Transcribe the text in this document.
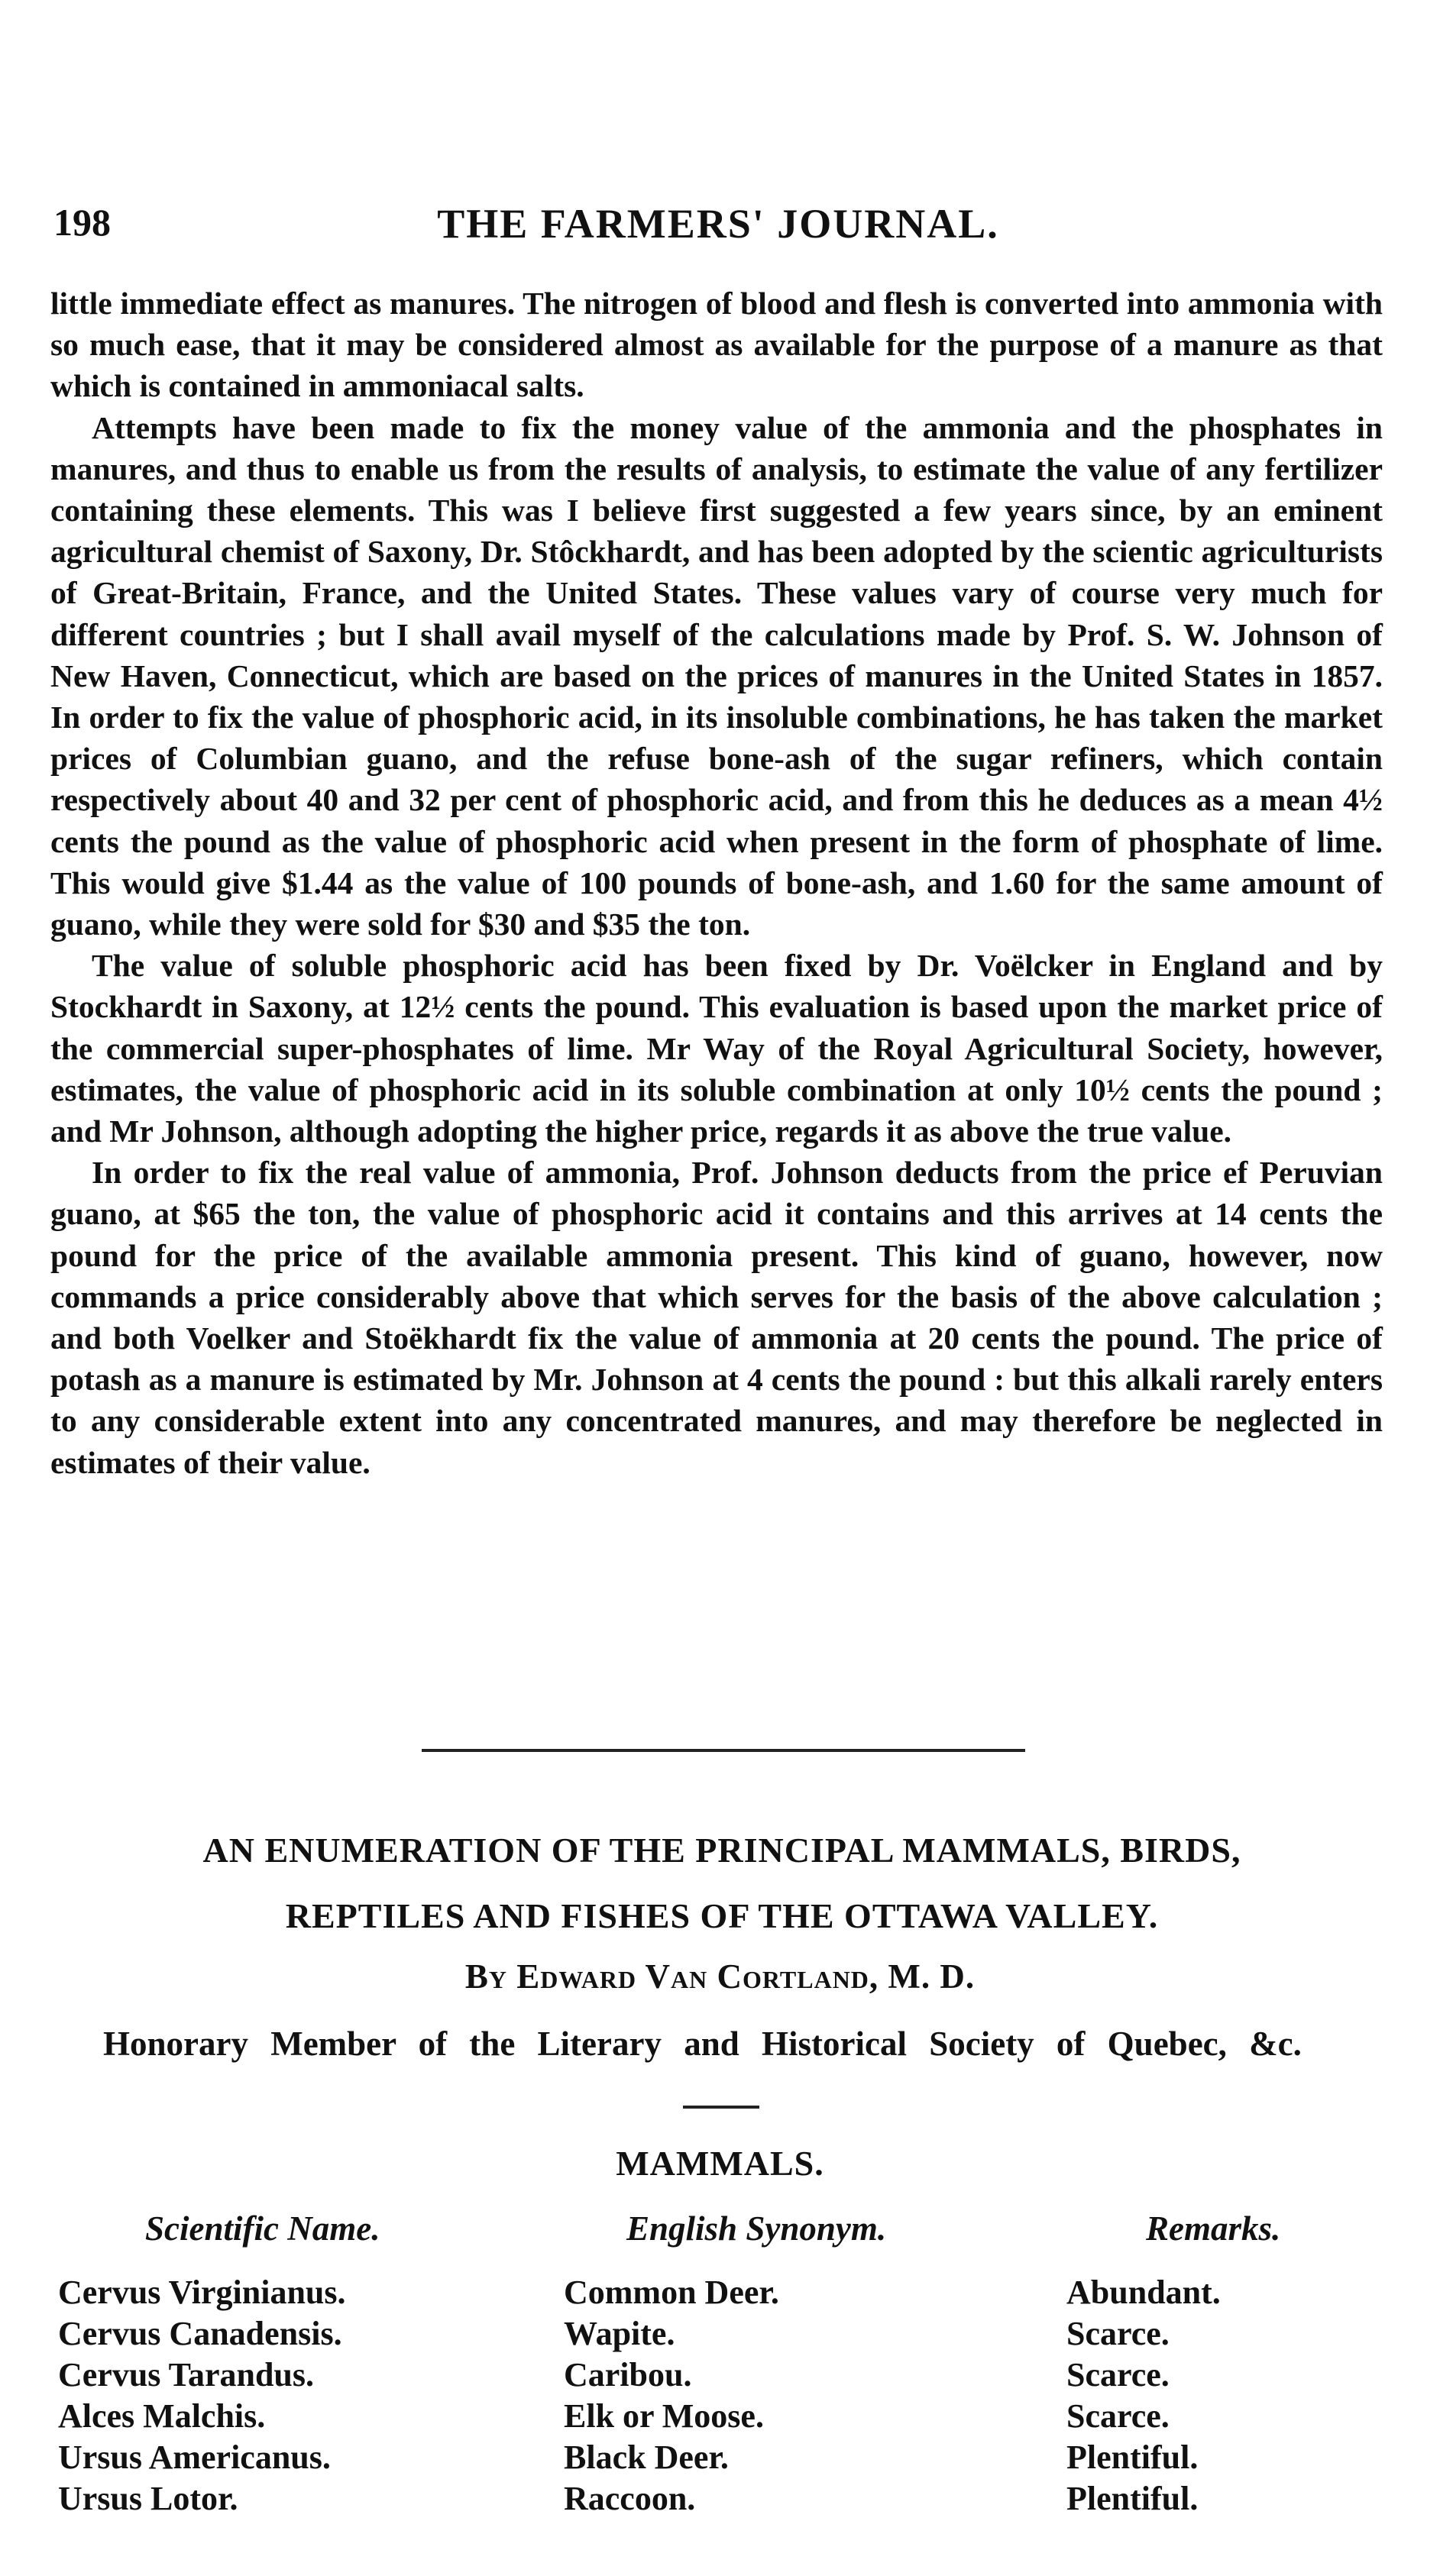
198	THE FARMERS' JOURNAL.

little immediate effect as manures. The nitrogen of blood and flesh is converted into ammonia with so much ease, that it may be considered almost as available for the purpose of a manure as that which is contained in ammoniacal salts.

Attempts have been made to fix the money value of the ammonia and the phosphates in manures, and thus to enable us from the results of analysis, to estimate the value of any fertilizer containing these elements. This was I believe first suggested a few years since, by an eminent agricultural chemist of Saxony, Dr. Stôckhardt, and has been adopted by the scientic agriculturists of Great-Britain, France, and the United States. These values vary of course very much for different countries ; but I shall avail myself of the calculations made by Prof. S. W. Johnson of New Haven, Connecticut, which are based on the prices of manures in the United States in 1857. In order to fix the value of phosphoric acid, in its insoluble combinations, he has taken the market prices of Columbian guano, and the refuse bone-ash of the sugar refiners, which contain respectively about 40 and 32 per cent of phosphoric acid, and from this he deduces as a mean 4½ cents the pound as the value of phosphoric acid when present in the form of phosphate of lime. This would give $1.44 as the value of 100 pounds of bone-ash, and 1.60 for the same amount of guano, while they were sold for $30 and $35 the ton.

The value of soluble phosphoric acid has been fixed by Dr. Voëlcker in England and by Stockhardt in Saxony, at 12½ cents the pound. This evaluation is based upon the market price of the commercial super-phosphates of lime. Mr Way of the Royal Agricultural Society, however, estimates, the value of phosphoric acid in its soluble combination at only 10½ cents the pound ; and Mr Johnson, although adopting the higher price, regards it as above the true value.

In order to fix the real value of ammonia, Prof. Johnson deducts from the price ef Peruvian guano, at $65 the ton, the value of phosphoric acid it contains and this arrives at 14 cents the pound for the price of the available ammonia present. This kind of guano, however, now commands a price considerably above that which serves for the basis of the above calculation ; and both Voelker and Stoëkhardt fix the value of ammonia at 20 cents the pound. The price of potash as a manure is estimated by Mr. Johnson at 4 cents the pound : but this alkali rarely enters to any considerable extent into any concentrated manures, and may therefore be neglected in estimates of their value.

AN ENUMERATION OF THE PRINCIPAL MAMMALS, BIRDS,
REPTILES AND FISHES OF THE OTTAWA VALLEY.
By Edward Van Cortland, M. D.
Honorary Member of the Literary and Historical Society of Quebec, &c.
MAMMALS.
Scientific Name.	English Synonym.	Remarks.
Cervus Virginianus.	Common Deer.	Abundant.
Cervus Canadensis.	Wapite.	Scarce.
Cervus Tarandus.	Caribou.	Scarce.
Alces Malchis.	Elk or Moose.	Scarce.
Ursus Americanus.	Black Deer.	Plentiful.
Ursus Lotor.	Raccoon.	Plentiful.
